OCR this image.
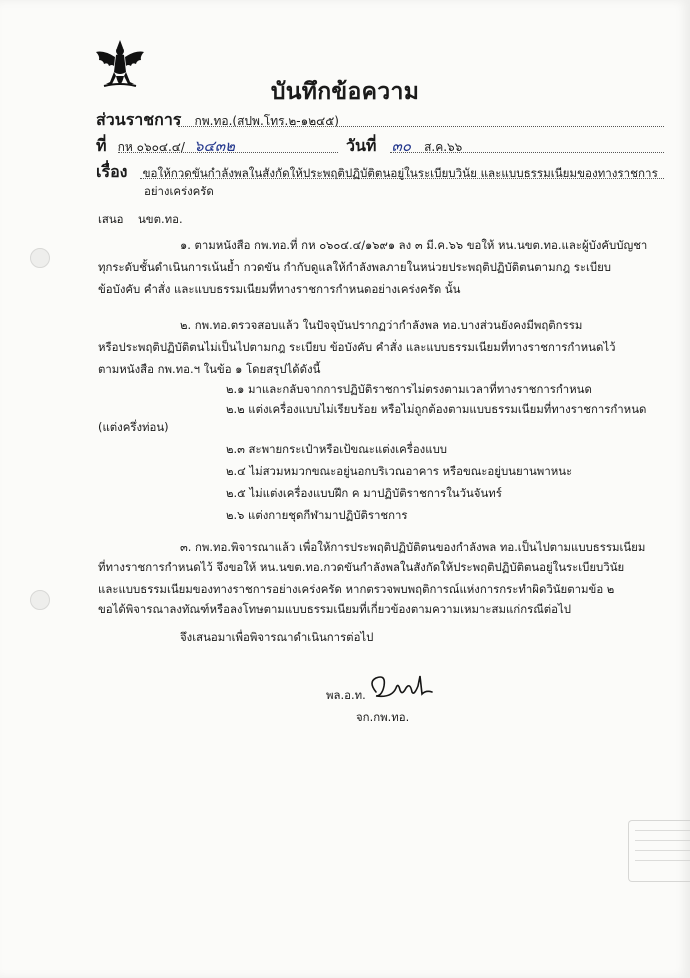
บันทึกข้อความ
ส่วนราชการ กพ.ทอ.(สปพ.โทร.๒-๑๒๔๕)
ที่ กห ๐๖๐๔.๔/ ๖๔๓๒	วันที่ ๓๐ ส.ค.๖๖
เรื่อง ขอให้กวดขันกำลังพลในสังกัดให้ประพฤติปฏิบัติตนอยู่ในระเบียบวินัย และแบบธรรมเนียมของทางราชการ
อย่างเคร่งครัด
เสนอ นขต.ทอ.
๑. ตามหนังสือ กพ.ทอ.ที่ กห ๐๖๐๔.๔/๑๖๙๑ ลง ๓ มี.ค.๖๖ ขอให้ หน.นขต.ทอ.และผู้บังคับบัญชา
ทุกระดับชั้นดำเนินการเน้นย้ำ กวดขัน กำกับดูแลให้กำลังพลภายในหน่วยประพฤติปฏิบัติตนตามกฎ ระเบียบ
ข้อบังคับ คำสั่ง และแบบธรรมเนียมที่ทางราชการกำหนดอย่างเคร่งครัด นั้น
๒. กพ.ทอ.ตรวจสอบแล้ว ในปัจจุบันปรากฏว่ากำลังพล ทอ.บางส่วนยังคงมีพฤติกรรม
หรือประพฤติปฏิบัติตนไม่เป็นไปตามกฎ ระเบียบ ข้อบังคับ คำสั่ง และแบบธรรมเนียมที่ทางราชการกำหนดไว้
ตามหนังสือ กพ.ทอ.ฯ ในข้อ ๑ โดยสรุปได้ดังนี้
๒.๑ มาและกลับจากการปฏิบัติราชการไม่ตรงตามเวลาที่ทางราชการกำหนด
๒.๒ แต่งเครื่องแบบไม่เรียบร้อย หรือไม่ถูกต้องตามแบบธรรมเนียมที่ทางราชการกำหนด
(แต่งครึ่งท่อน)
๒.๓ สะพายกระเป๋าหรือเป้ขณะแต่งเครื่องแบบ
๒.๔ ไม่สวมหมวกขณะอยู่นอกบริเวณอาคาร หรือขณะอยู่บนยานพาหนะ
๒.๕ ไม่แต่งเครื่องแบบฝึก ค มาปฏิบัติราชการในวันจันทร์
๒.๖ แต่งกายชุดกีฬามาปฏิบัติราชการ
๓. กพ.ทอ.พิจารณาแล้ว เพื่อให้การประพฤติปฏิบัติตนของกำลังพล ทอ.เป็นไปตามแบบธรรมเนียม
ที่ทางราชการกำหนดไว้ จึงขอให้ หน.นขต.ทอ.กวดขันกำลังพลในสังกัดให้ประพฤติปฏิบัติตนอยู่ในระเบียบวินัย
และแบบธรรมเนียมของทางราชการอย่างเคร่งครัด หากตรวจพบพฤติการณ์แห่งการกระทำผิดวินัยตามข้อ ๒
ขอได้พิจารณาลงทัณฑ์หรือลงโทษตามแบบธรรมเนียมที่เกี่ยวข้องตามความเหมาะสมแก่กรณีต่อไป
จึงเสนอมาเพื่อพิจารณาดำเนินการต่อไป
พล.อ.ท.
จก.กพ.ทอ.
